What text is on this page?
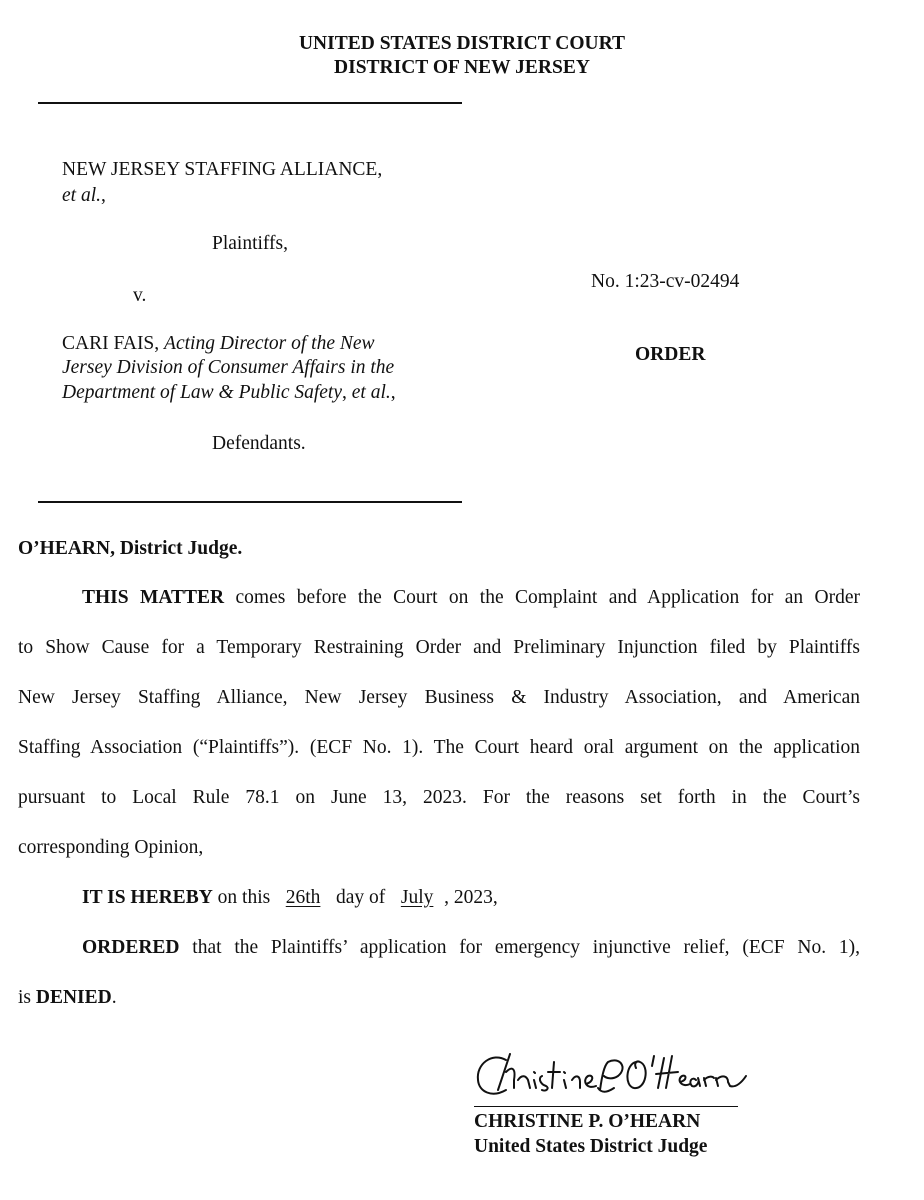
UNITED STATES DISTRICT COURT
DISTRICT OF NEW JERSEY
NEW JERSEY STAFFING ALLIANCE,
et al.,
Plaintiffs,
v.
CARI FAIS, Acting Director of the New
Jersey Division of Consumer Affairs in the
Department of Law & Public Safety, et al.,
Defendants.
No. 1:23-cv-02494
ORDER
O’HEARN, District Judge.
THIS MATTER comes before the Court on the Complaint and Application for an Order
to Show Cause for a Temporary Restraining Order and Preliminary Injunction filed by Plaintiffs
New Jersey Staffing Alliance, New Jersey Business & Industry Association, and American
Staffing Association (“Plaintiffs”). (ECF No. 1). The Court heard oral argument on the application
pursuant to Local Rule 78.1 on June 13, 2023. For the reasons set forth in the Court’s
corresponding Opinion,
IT IS HEREBY on this 26th day of July , 2023,
ORDERED that the Plaintiffs’ application for emergency injunctive relief, (ECF No. 1),
is DENIED.
CHRISTINE P. O’HEARN
United States District Judge
